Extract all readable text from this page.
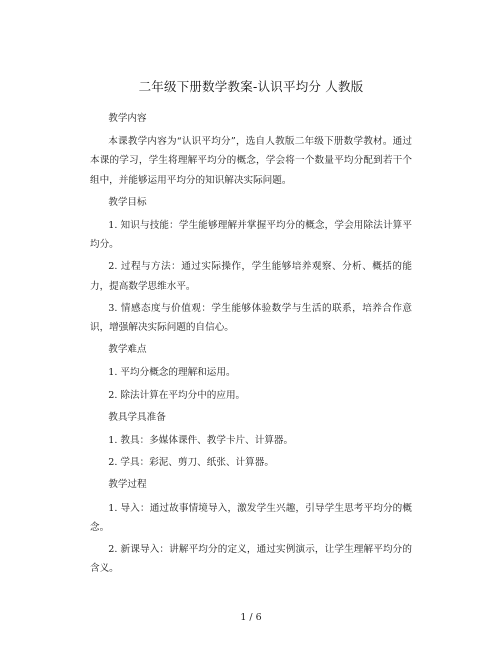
二年级下册数学教案-认识平均分 人教版

教学内容

本课教学内容为“认识平均分”，选自人教版二年级下册数学教材。通过本课的学习，学生将理解平均分的概念，学会将一个数量平均分配到若干个组中，并能够运用平均分的知识解决实际问题。

教学目标

1. 知识与技能：学生能够理解并掌握平均分的概念，学会用除法计算平均分。

2. 过程与方法：通过实际操作，学生能够培养观察、分析、概括的能力，提高数学思维水平。

3. 情感态度与价值观：学生能够体验数学与生活的联系，培养合作意识，增强解决实际问题的自信心。

教学难点

1. 平均分概念的理解和运用。

2. 除法计算在平均分中的应用。

教具学具准备

1. 教具：多媒体课件、教学卡片、计算器。

2. 学具：彩泥、剪刀、纸张、计算器。

教学过程

1. 导入：通过故事情境导入，激发学生兴趣，引导学生思考平均分的概念。

2. 新课导入：讲解平均分的定义，通过实例演示，让学生理解平均分的含义。

1 / 6
